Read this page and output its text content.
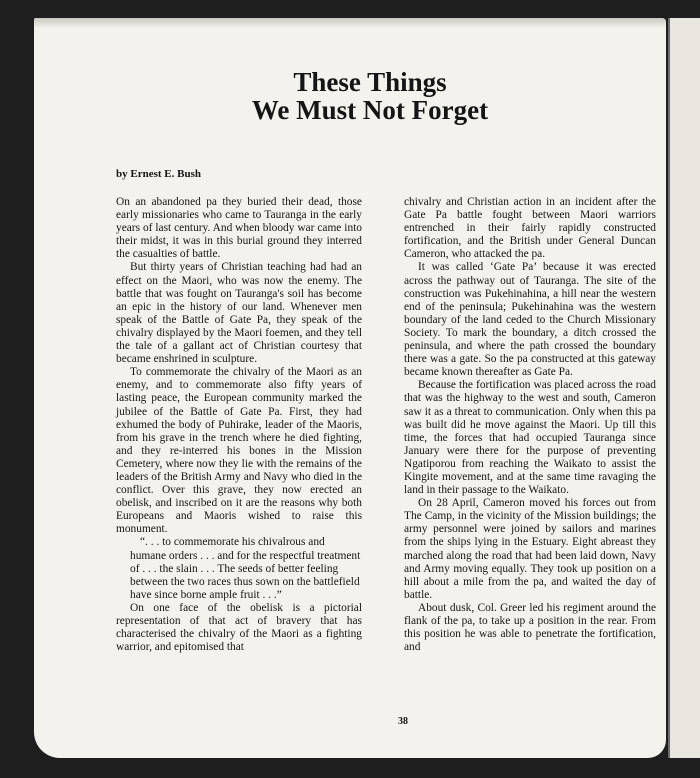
These Things
We Must Not Forget
by Ernest E. Bush

On an abandoned pa they buried their dead, those early missionaries who came to Tauranga in the early years of last century. And when bloody war came into their midst, it was in this burial ground they interred the casualties of battle.

But thirty years of Christian teaching had had an effect on the Maori, who was now the enemy. The battle that was fought on Tauranga's soil has become an epic in the history of our land. Whenever men speak of the Battle of Gate Pa, they speak of the chivalry displayed by the Maori foemen, and they tell the tale of a gallant act of Christian courtesy that became enshrined in sculpture.

To commemorate the chivalry of the Maori as an enemy, and to commemorate also fifty years of lasting peace, the European community marked the jubilee of the Battle of Gate Pa. First, they had exhumed the body of Puhirake, leader of the Maoris, from his grave in the trench where he died fighting, and they re-interred his bones in the Mission Cemetery, where now they lie with the remains of the leaders of the British Army and Navy who died in the conflict. Over this grave, they now erected an obelisk, and inscribed on it are the reasons why both Europeans and Maoris wished to raise this monument.

“. . . to commemorate his chivalrous and humane orders . . . and for the respectful treatment of . . . the slain . . . The seeds of better feeling between the two races thus sown on the battlefield have since borne ample fruit . . .”

On one face of the obelisk is a pictorial representation of that act of bravery that has characterised the chivalry of the Maori as a fighting warrior, and epitomised that

chivalry and Christian action in an incident after the Gate Pa battle fought between Maori warriors entrenched in their fairly rapidly constructed fortification, and the British under General Duncan Cameron, who attacked the pa.

It was called ‘Gate Pa’ because it was erected across the pathway out of Tauranga. The site of the construction was Pukehinahina, a hill near the western end of the peninsula; Pukehinahina was the western boundary of the land ceded to the Church Missionary Society. To mark the boundary, a ditch crossed the peninsula, and where the path crossed the boundary there was a gate. So the pa constructed at this gateway became known thereafter as Gate Pa.

Because the fortification was placed across the road that was the highway to the west and south, Cameron saw it as a threat to communication. Only when this pa was built did he move against the Maori. Up till this time, the forces that had occupied Tauranga since January were there for the purpose of preventing Ngatiporou from reaching the Waikato to assist the Kingite movement, and at the same time ravaging the land in their passage to the Waikato.

On 28 April, Cameron moved his forces out from The Camp, in the vicinity of the Mission buildings; the army personnel were joined by sailors and marines from the ships lying in the Estuary. Eight abreast they marched along the road that had been laid down, Navy and Army moving equally. They took up position on a hill about a mile from the pa, and waited the day of battle.

About dusk, Col. Greer led his regiment around the flank of the pa, to take up a position in the rear. From this position he was able to penetrate the fortification, and

38
